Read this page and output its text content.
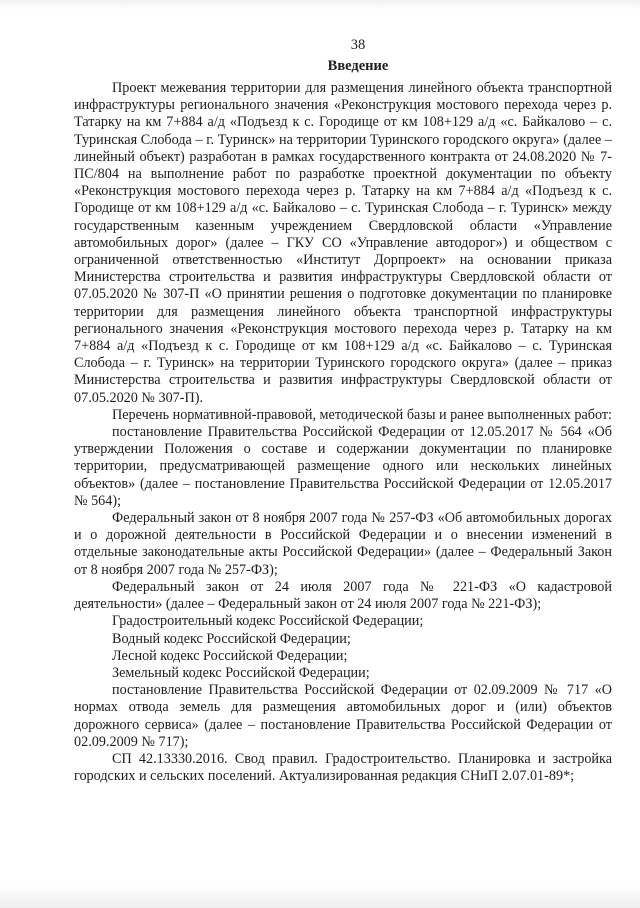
38
Введение

Проект межевания территории для размещения линейного объекта транспортной инфраструктуры регионального значения «Реконструкция мостового перехода через р. Татарку на км 7+884 а/д «Подъезд к с. Городище от км 108+129 а/д «с. Байкалово – с. Туринская Слобода – г. Туринск» на территории Туринского городского округа» (далее – линейный объект) разработан в рамках государственного контракта от 24.08.2020 № 7-ПС/804 на выполнение работ по разработке проектной документации по объекту «Реконструкция мостового перехода через р. Татарку на км 7+884 а/д «Подъезд к с. Городище от км 108+129 а/д «с. Байкалово – с. Туринская Слобода – г. Туринск» между государственным казенным учреждением Свердловской области «Управление автомобильных дорог» (далее – ГКУ СО «Управление автодорог») и обществом с ограниченной ответственностью «Институт Дорпроект» на основании приказа Министерства строительства и развития инфраструктуры Свердловской области от 07.05.2020 № 307-П «О принятии решения о подготовке документации по планировке территории для размещения линейного объекта транспортной инфраструктуры регионального значения «Реконструкция мостового перехода через р. Татарку на км 7+884 а/д «Подъезд к с. Городище от км 108+129 а/д «с. Байкалово – с. Туринская Слобода – г. Туринск» на территории Туринского городского округа» (далее – приказ Министерства строительства и развития инфраструктуры Свердловской области от 07.05.2020 № 307-П).

Перечень нормативной-правовой, методической базы и ранее выполненных работ:

постановление Правительства Российской Федерации от 12.05.2017 № 564 «Об утверждении Положения о составе и содержании документации по планировке территории, предусматривающей размещение одного или нескольких линейных объектов» (далее – постановление Правительства Российской Федерации от 12.05.2017 № 564);

Федеральный закон от 8 ноября 2007 года № 257-ФЗ «Об автомобильных дорогах и о дорожной деятельности в Российской Федерации и о внесении изменений в отдельные законодательные акты Российской Федерации» (далее – Федеральный Закон от 8 ноября 2007 года № 257-ФЗ);

Федеральный закон от 24 июля 2007 года № 221-ФЗ «О кадастровой деятельности» (далее – Федеральный закон от 24 июля 2007 года № 221-ФЗ);

Градостроительный кодекс Российской Федерации;

Водный кодекс Российской Федерации;

Лесной кодекс Российской Федерации;

Земельный кодекс Российской Федерации;

постановление Правительства Российской Федерации от 02.09.2009 № 717 «О нормах отвода земель для размещения автомобильных дорог и (или) объектов дорожного сервиса» (далее – постановление Правительства Российской Федерации от 02.09.2009 № 717);

СП 42.13330.2016. Свод правил. Градостроительство. Планировка и застройка городских и сельских поселений. Актуализированная редакция СНиП 2.07.01-89*;
